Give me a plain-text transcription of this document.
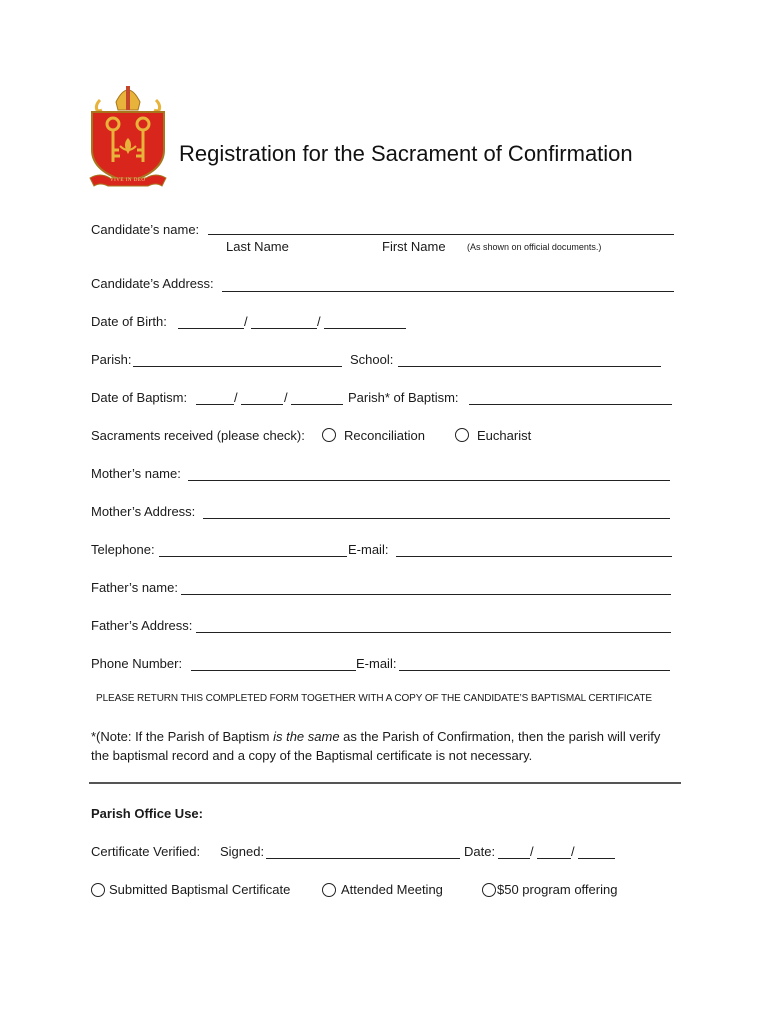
VIVE IN DEO
Registration for the Sacrament of Confirmation
Candidate’s name:
Last Name	First Name (As shown on official documents.)
Candidate’s Address:
Date of Birth:	/	/
Parish:	School:
Date of Baptism:	/	/	Parish* of Baptism:
Sacraments received (please check):	Reconciliation	Eucharist
Mother’s name:
Mother’s Address:
Telephone:	E-mail:
Father’s name:
Father’s Address:
Phone Number:	E-mail:
PLEASE RETURN THIS COMPLETED FORM TOGETHER WITH A COPY OF THE CANDIDATE’S BAPTISMAL CERTIFICATE
*(Note: If the Parish of Baptism is the same as the Parish of Confirmation, then the parish will verify the baptismal record and a copy of the Baptismal certificate is not necessary.
Parish Office Use:
Certificate Verified: Signed:	Date:	/	/
Submitted Baptismal Certificate	Attended Meeting	$50 program offering
